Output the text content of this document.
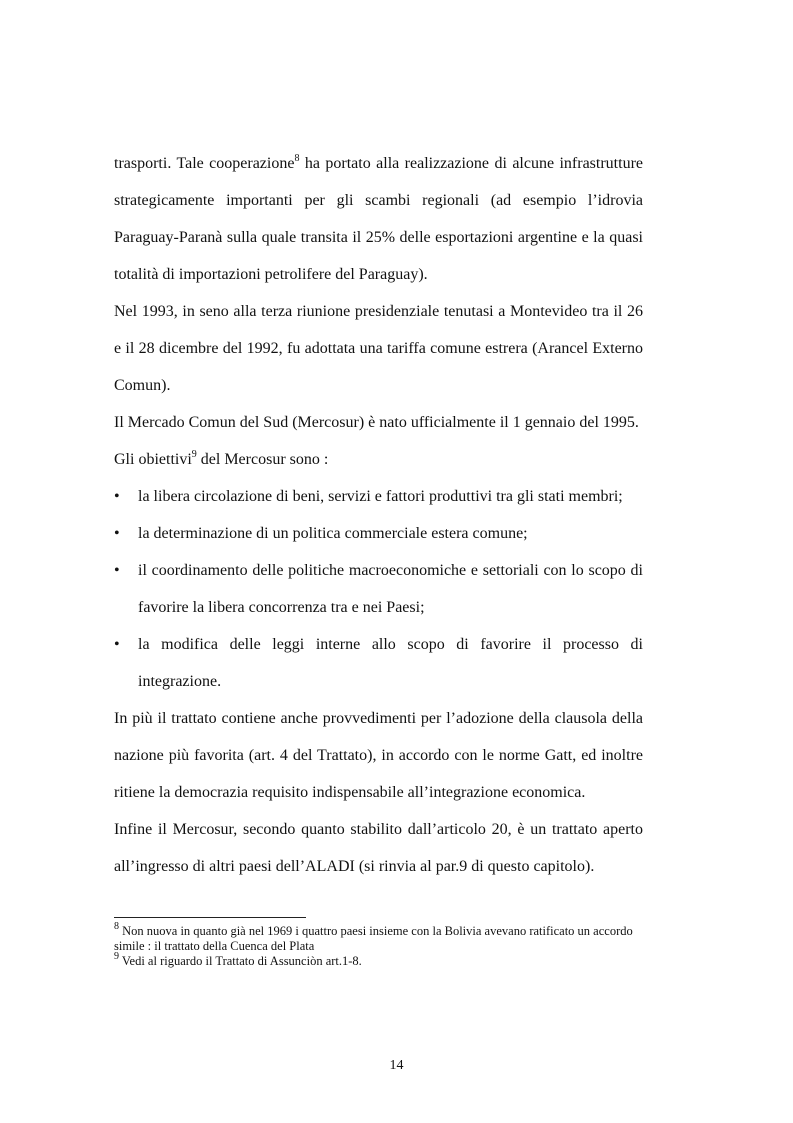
trasporti. Tale cooperazione$^8$ ha portato alla realizzazione di alcune infrastrutture strategicamente importanti per gli scambi regionali (ad esempio l’idrovia Paraguay-Paranà sulla quale transita il 25% delle esportazioni argentine e la quasi totalità di importazioni petrolifere del Paraguay).

Nel 1993, in seno alla terza riunione presidenziale tenutasi a Montevideo tra il 26 e il 28 dicembre del 1992, fu adottata una tariffa comune estrera (Arancel Externo Comun).

Il Mercado Comun del Sud (Mercosur) è nato ufficialmente il 1 gennaio del 1995.

Gli obiettivi$^9$ del Mercosur sono :

• la libera circolazione di beni, servizi e fattori produttivi tra gli stati membri;
• la determinazione di un politica commerciale estera comune;
• il coordinamento delle politiche macroeconomiche e settoriali con lo scopo di favorire la libera concorrenza tra e nei Paesi;
• la modifica delle leggi interne allo scopo di favorire il processo di integrazione.

In più il trattato contiene anche provvedimenti per l’adozione della clausola della nazione più favorita (art. 4 del Trattato), in accordo con le norme Gatt, ed inoltre ritiene la democrazia requisito indispensabile all’integrazione economica.

Infine il Mercosur, secondo quanto stabilito dall’articolo 20, è un trattato aperto all’ingresso di altri paesi dell’ALADI (si rinvia al par.9 di questo capitolo).

$^8$ Non nuova in quanto già nel 1969 i quattro paesi insieme con la Bolivia avevano ratificato un accordo simile : il trattato della Cuenca del Plata

$^9$ Vedi al riguardo il Trattato di Assunciòn art.1-8.

14
